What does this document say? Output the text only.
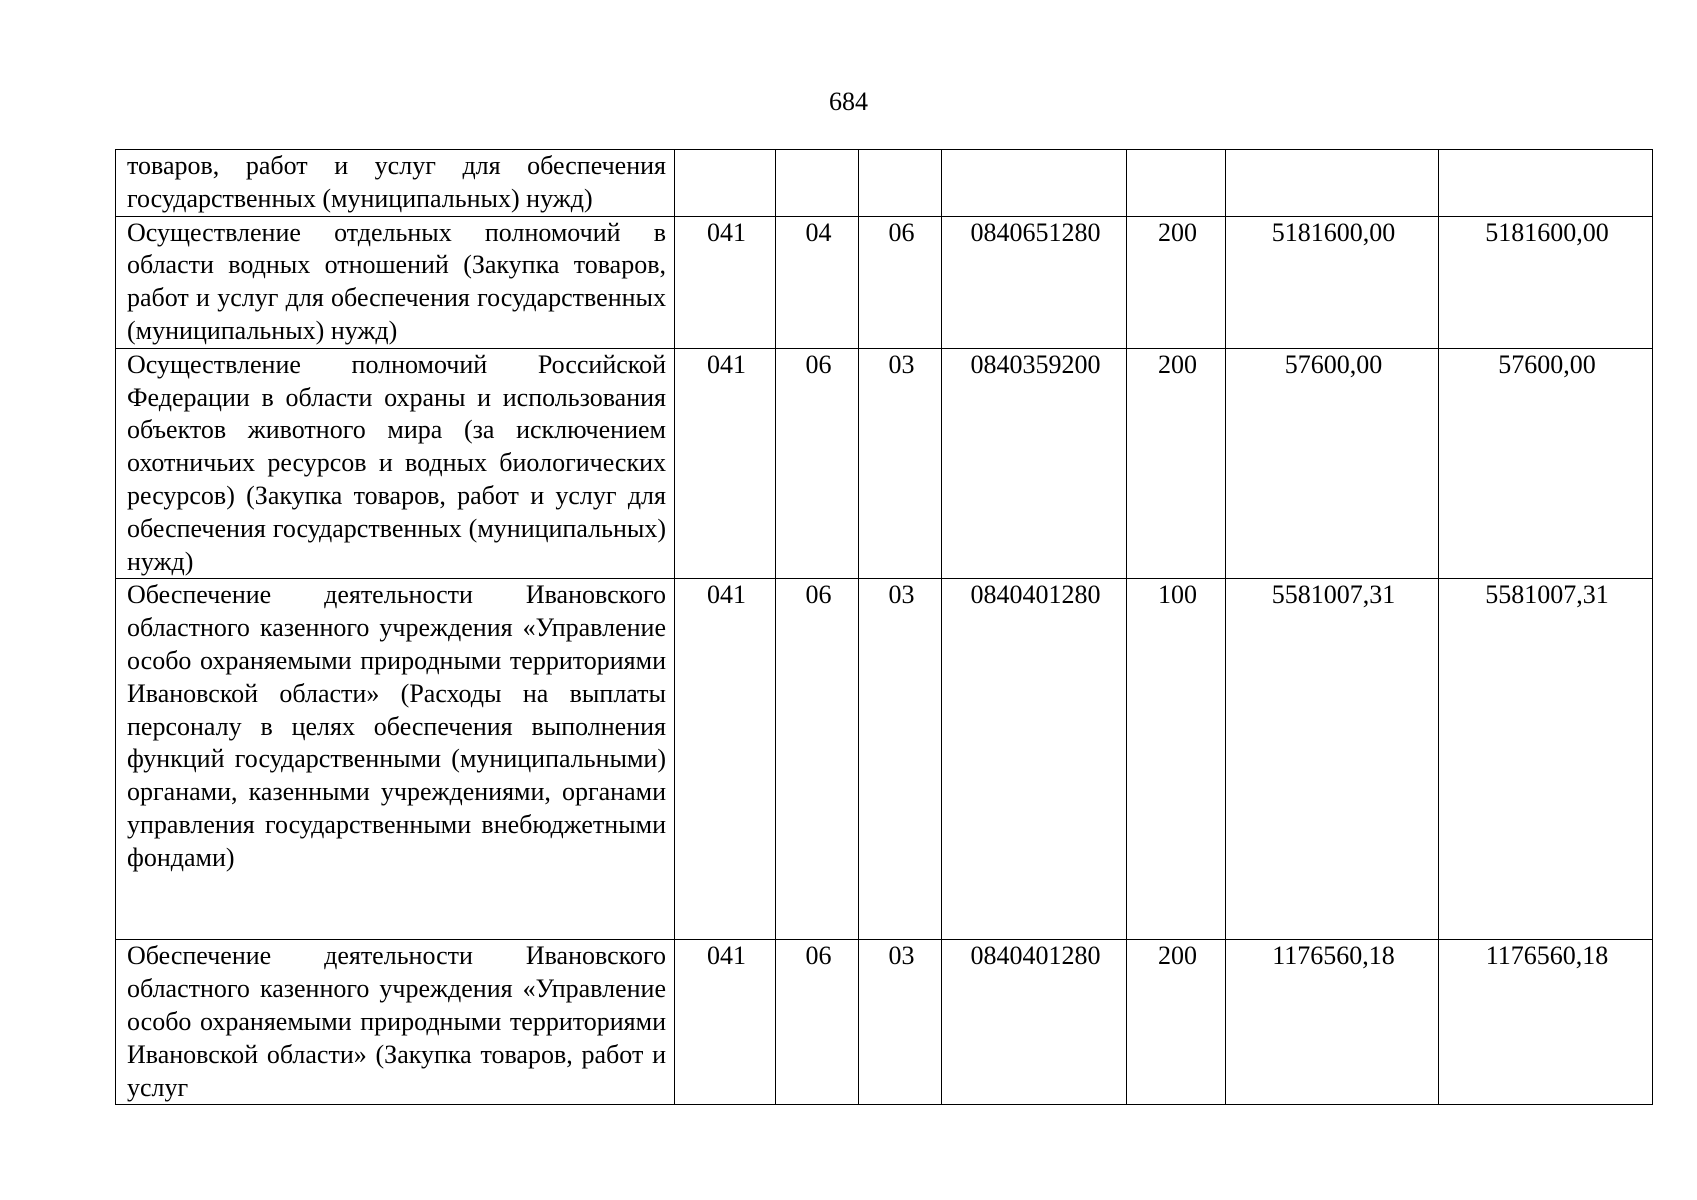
684
товаров, работ и услуг для обеспечения государственных (муниципальных) нужд)							
Осуществление отдельных полномочий в области водных отношений (Закупка товаров, работ и услуг для обеспечения государственных (муниципальных) нужд)	041	04	06	0840651280	200	5181600,00	5181600,00
Осуществление полномочий Российской Федерации в области охраны и использования объектов животного мира (за исключением охотничьих ресурсов и водных биологических ресурсов) (Закупка товаров, работ и услуг для обеспечения государственных (муниципальных) нужд)	041	06	03	0840359200	200	57600,00	57600,00
Обеспечение деятельности Ивановского областного казенного учреждения «Управление особо охраняемыми природными территориями Ивановской области» (Расходы на выплаты персоналу в целях обеспечения выполнения функций государственными (муниципальными) органами, казенными учреждениями, органами управления государственными внебюджетными фондами)	041	06	03	0840401280	100	5581007,31	5581007,31
Обеспечение деятельности Ивановского областного казенного учреждения «Управление особо охраняемыми природными территориями Ивановской области» (Закупка товаров, работ и услуг	041	06	03	0840401280	200	1176560,18	1176560,18
